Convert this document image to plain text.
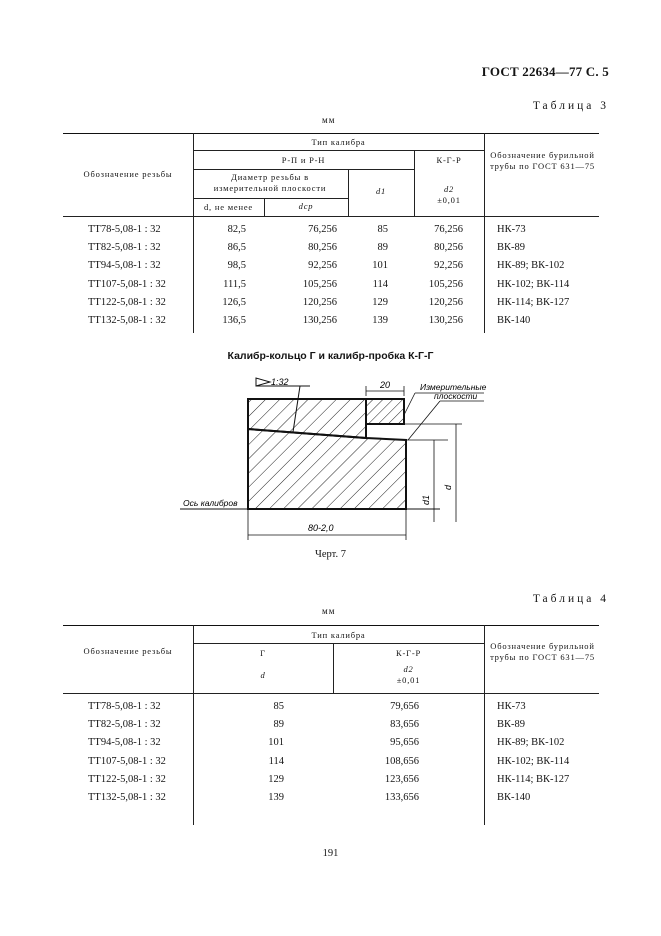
ГОСТ 22634—77 С. 5
Таблица 3
мм
Обозначение резьбы
Тип калибра
Р-П и Р-Н	К-Г-Р
Диаметр резьбы в измерительной плоскости
d, не менее	dср
d1	d2
±0,01
Обозначение бурильной трубы по ГОСТ 631—75
ТТ78-5,08-1 : 32	82,5	76,256	85	76,256	НК-73
ТТ82-5,08-1 : 32	86,5	80,256	89	80,256	ВК-89
ТТ94-5,08-1 : 32	98,5	92,256	101	92,256	НК-89; ВК-102
ТТ107-5,08-1 : 32	111,5	105,256	114	105,256	НК-102; ВК-114
ТТ122-5,08-1 : 32	126,5	120,256	129	120,256	НК-114; ВК-127
ТТ132-5,08-1 : 32	136,5	130,256	139	130,256	ВК-140
Калибр-кольцо Г и калибр-пробка К-Г-Г
1:32	20	Измерительные
плоскости
d1
d
80-2,0
Ось калибров
Черт. 7
Таблица 4
мм
Обозначение резьбы
Тип калибра
Г	К-Г-Р
d
d2
±0,01
Обозначение бурильной трубы по ГОСТ 631—75
ТТ78-5,08-1 : 32	85	79,656	НК-73
ТТ82-5,08-1 : 32	89	83,656	ВК-89
ТТ94-5,08-1 : 32	101	95,656	НК-89; ВК-102
ТТ107-5,08-1 : 32	114	108,656	НК-102; ВК-114
ТТ122-5,08-1 : 32	129	123,656	НК-114; ВК-127
ТТ132-5,08-1 : 32	139	133,656	ВК-140
191
